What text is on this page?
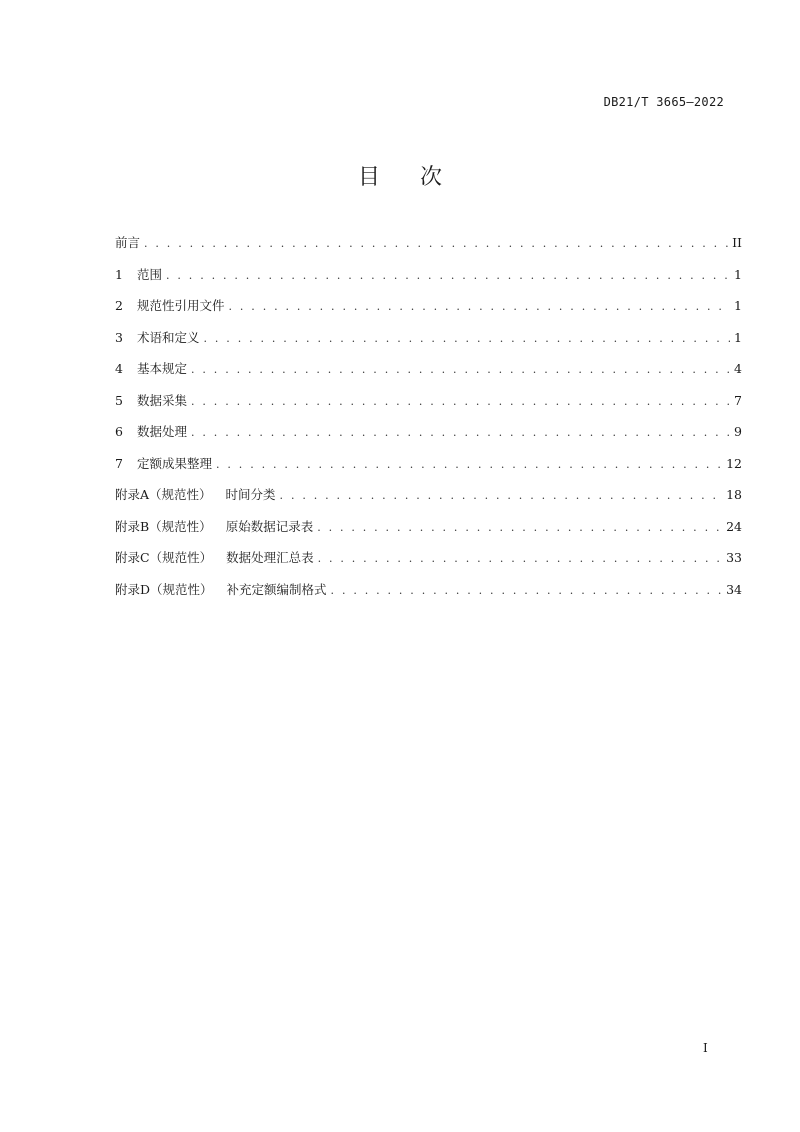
DB21/T 3665—2022
目 次
前言 . . .	II
1	范围 . . .	1
2	规范性引用文件 . . .	1
3	术语和定义 . . .	1
4	基本规定 . . .	4
5	数据采集 . . .	7
6	数据处理 . . .	9
7	定额成果整理 . . .	12
附录A（规范性） 时间分类 . . .	18
附录B（规范性） 原始数据记录表 . . .	24
附录C（规范性） 数据处理汇总表 . . .	33
附录D（规范性） 补充定额编制格式 . . .	34
I
